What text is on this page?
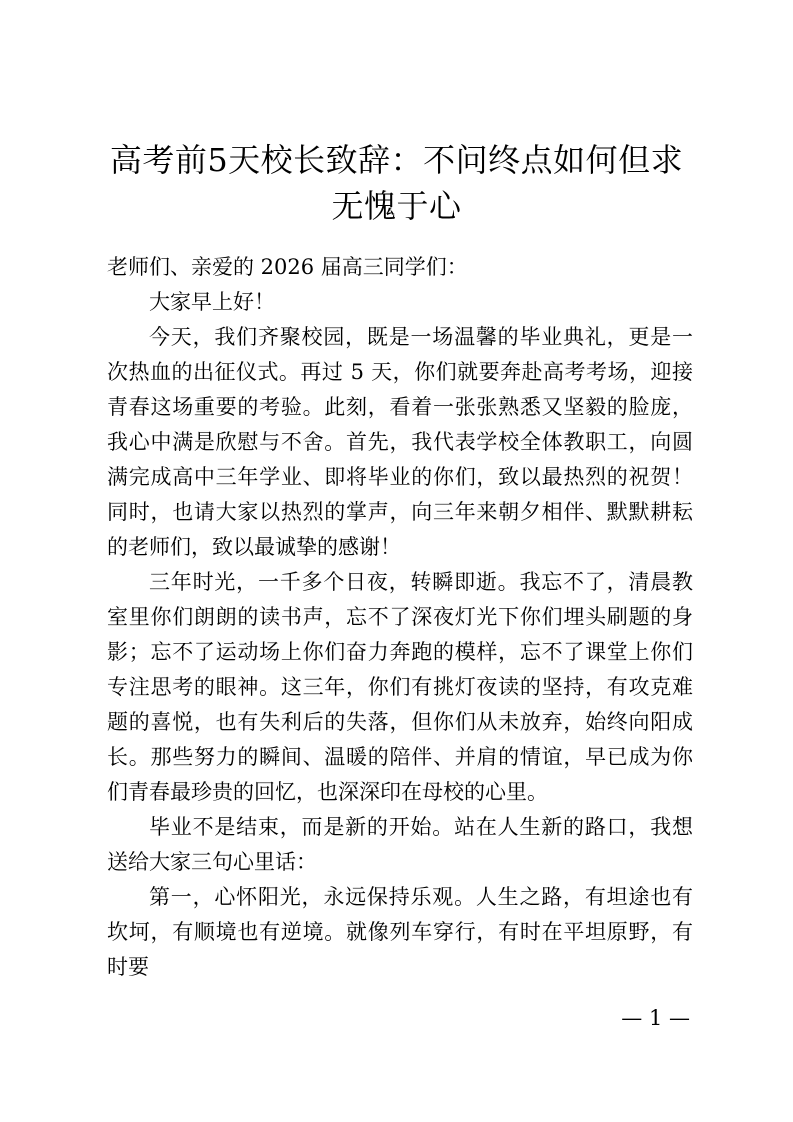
高考前5天校长致辞：不问终点如何但求无愧于心

老师们、亲爱的 2026 届高三同学们：

大家早上好！

今天，我们齐聚校园，既是一场温馨的毕业典礼，更是一次热血的出征仪式。再过 5 天，你们就要奔赴高考考场，迎接青春这场重要的考验。此刻，看着一张张熟悉又坚毅的脸庞，我心中满是欣慰与不舍。首先，我代表学校全体教职工，向圆满完成高中三年学业、即将毕业的你们，致以最热烈的祝贺！同时，也请大家以热烈的掌声，向三年来朝夕相伴、默默耕耘的老师们，致以最诚挚的感谢！

三年时光，一千多个日夜，转瞬即逝。我忘不了，清晨教室里你们朗朗的读书声，忘不了深夜灯光下你们埋头刷题的身影；忘不了运动场上你们奋力奔跑的模样，忘不了课堂上你们专注思考的眼神。这三年，你们有挑灯夜读的坚持，有攻克难题的喜悦，也有失利后的失落，但你们从未放弃，始终向阳成长。那些努力的瞬间、温暖的陪伴、并肩的情谊，早已成为你们青春最珍贵的回忆，也深深印在母校的心里。

毕业不是结束，而是新的开始。站在人生新的路口，我想送给大家三句心里话：

第一，心怀阳光，永远保持乐观。人生之路，有坦途也有坎坷，有顺境也有逆境。就像列车穿行，有时在平坦原野，有时要

— 1 —
